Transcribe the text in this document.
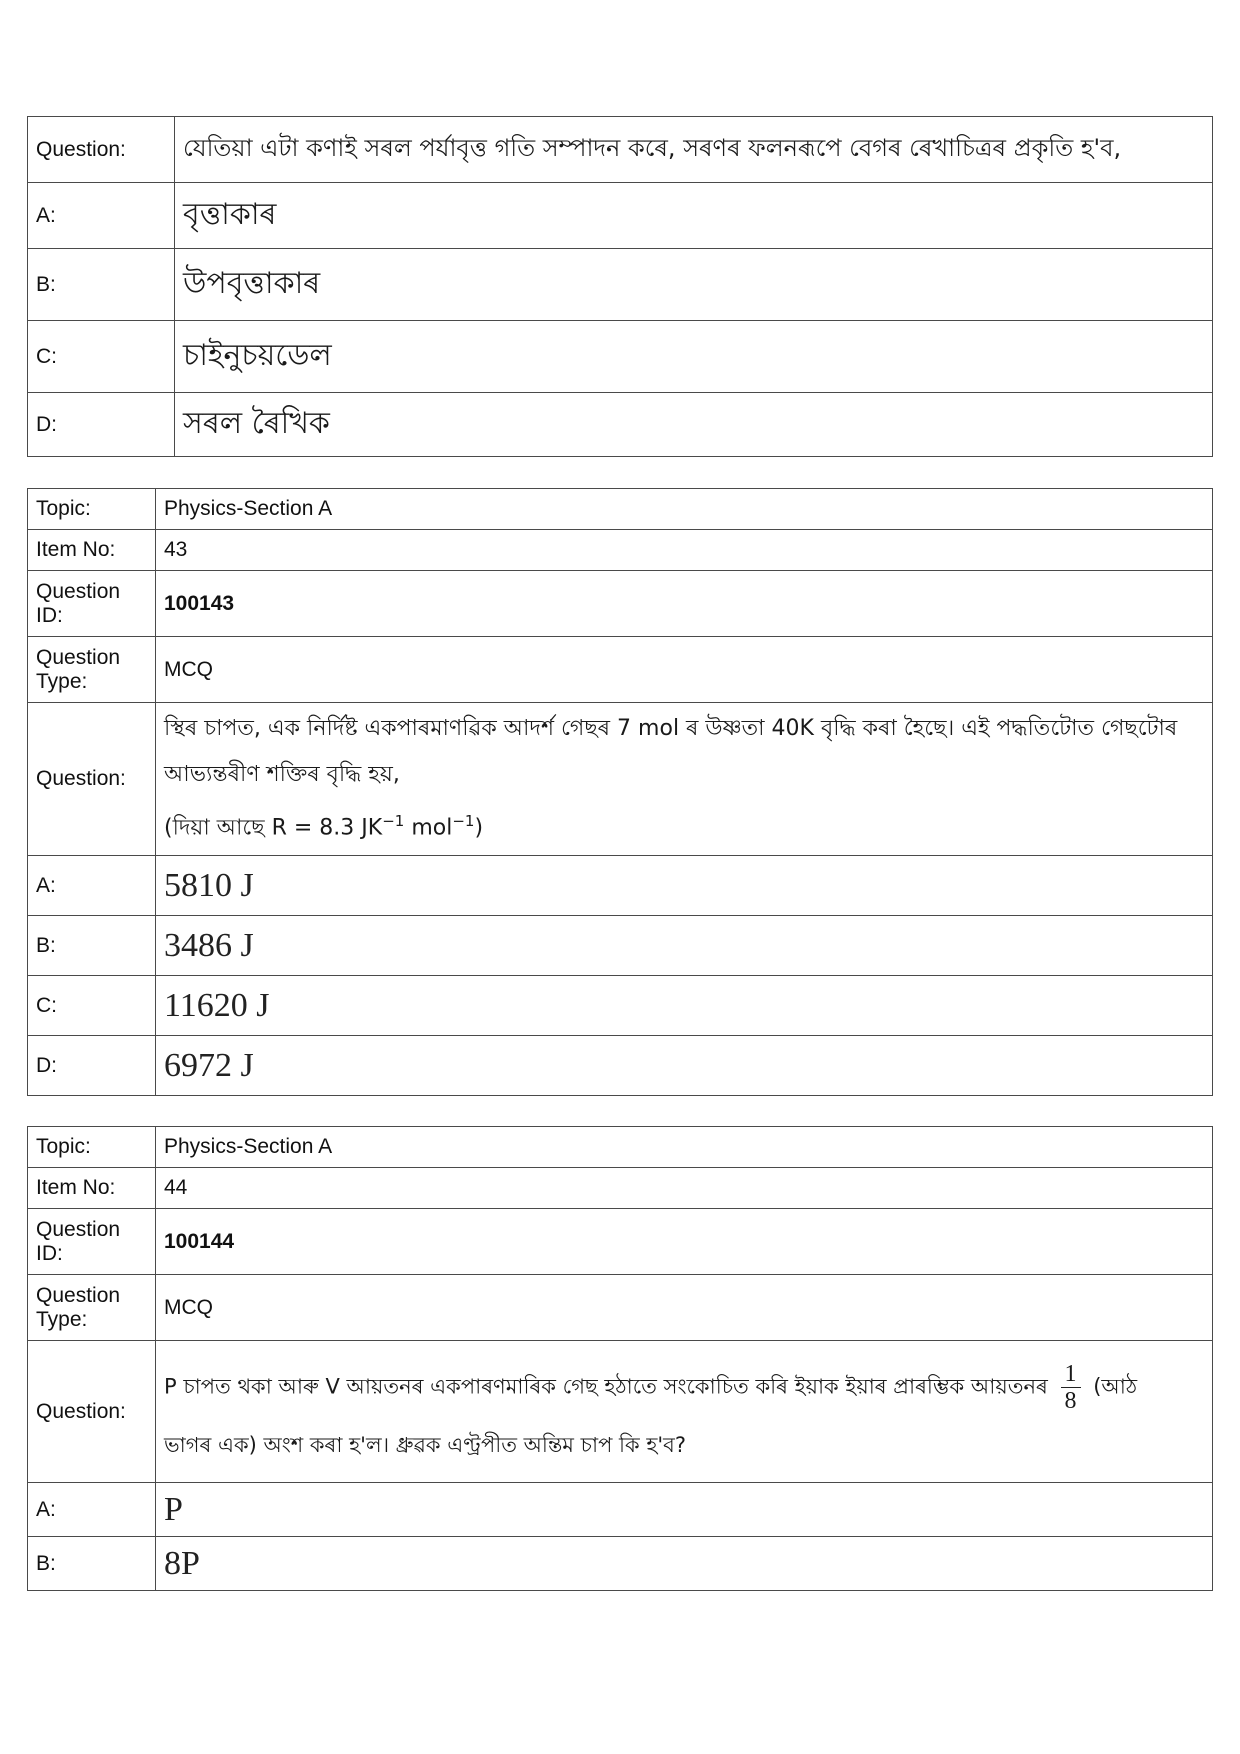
Question:	যেতিয়া এটা কণাই সৰল পৰ্যাবৃত্ত গতি সম্পাদন কৰে, সৰণৰ ফলনৰূপে বেগৰ ৰেখাচিত্ৰৰ প্ৰকৃতি হ'ব,
A:	বৃত্তাকাৰ
B:	উপবৃত্তাকাৰ
C:	চাইনুচয়ডেল
D:	সৰল ৰৈখিক
Topic:	Physics-Section A
Item No:	43
Question ID:	100143
Question Type:	MCQ
Question:	স্থিৰ চাপত, এক নিৰ্দিষ্ট একপাৰমাণৱিক আদৰ্শ গেছৰ 7 mol ৰ উষ্ণতা 40K বৃদ্ধি কৰা হৈছে। এই পদ্ধতিটোত গেছটোৰ
আভ্যন্তৰীণ শক্তিৰ বৃদ্ধি হয়,
(দিয়া আছে R = 8.3 $JK^{-1}$ mol$^{-1}$)

A:	5810 J
B:	3486 J
C:	11620 J
D:	6972 J
Topic:	Physics-Section A
Item No:	44
Question ID:	100144
Question Type:	MCQ
Question:	P চাপত থকা আৰু V আয়তনৰ একপাৰণমাৰিক গেছ হঠাতে সংকোচিত কৰি ইয়াক ইয়াৰ প্ৰাৰম্ভিক আয়তনৰ $\frac{1}{8}$ (আঠ
ভাগৰ এক) অংশ কৰা হ'ল। ধ্ৰুৱক এণ্ট্ৰপীত অন্তিম চাপ কি হ'ব?

A:	P
B:	8P
